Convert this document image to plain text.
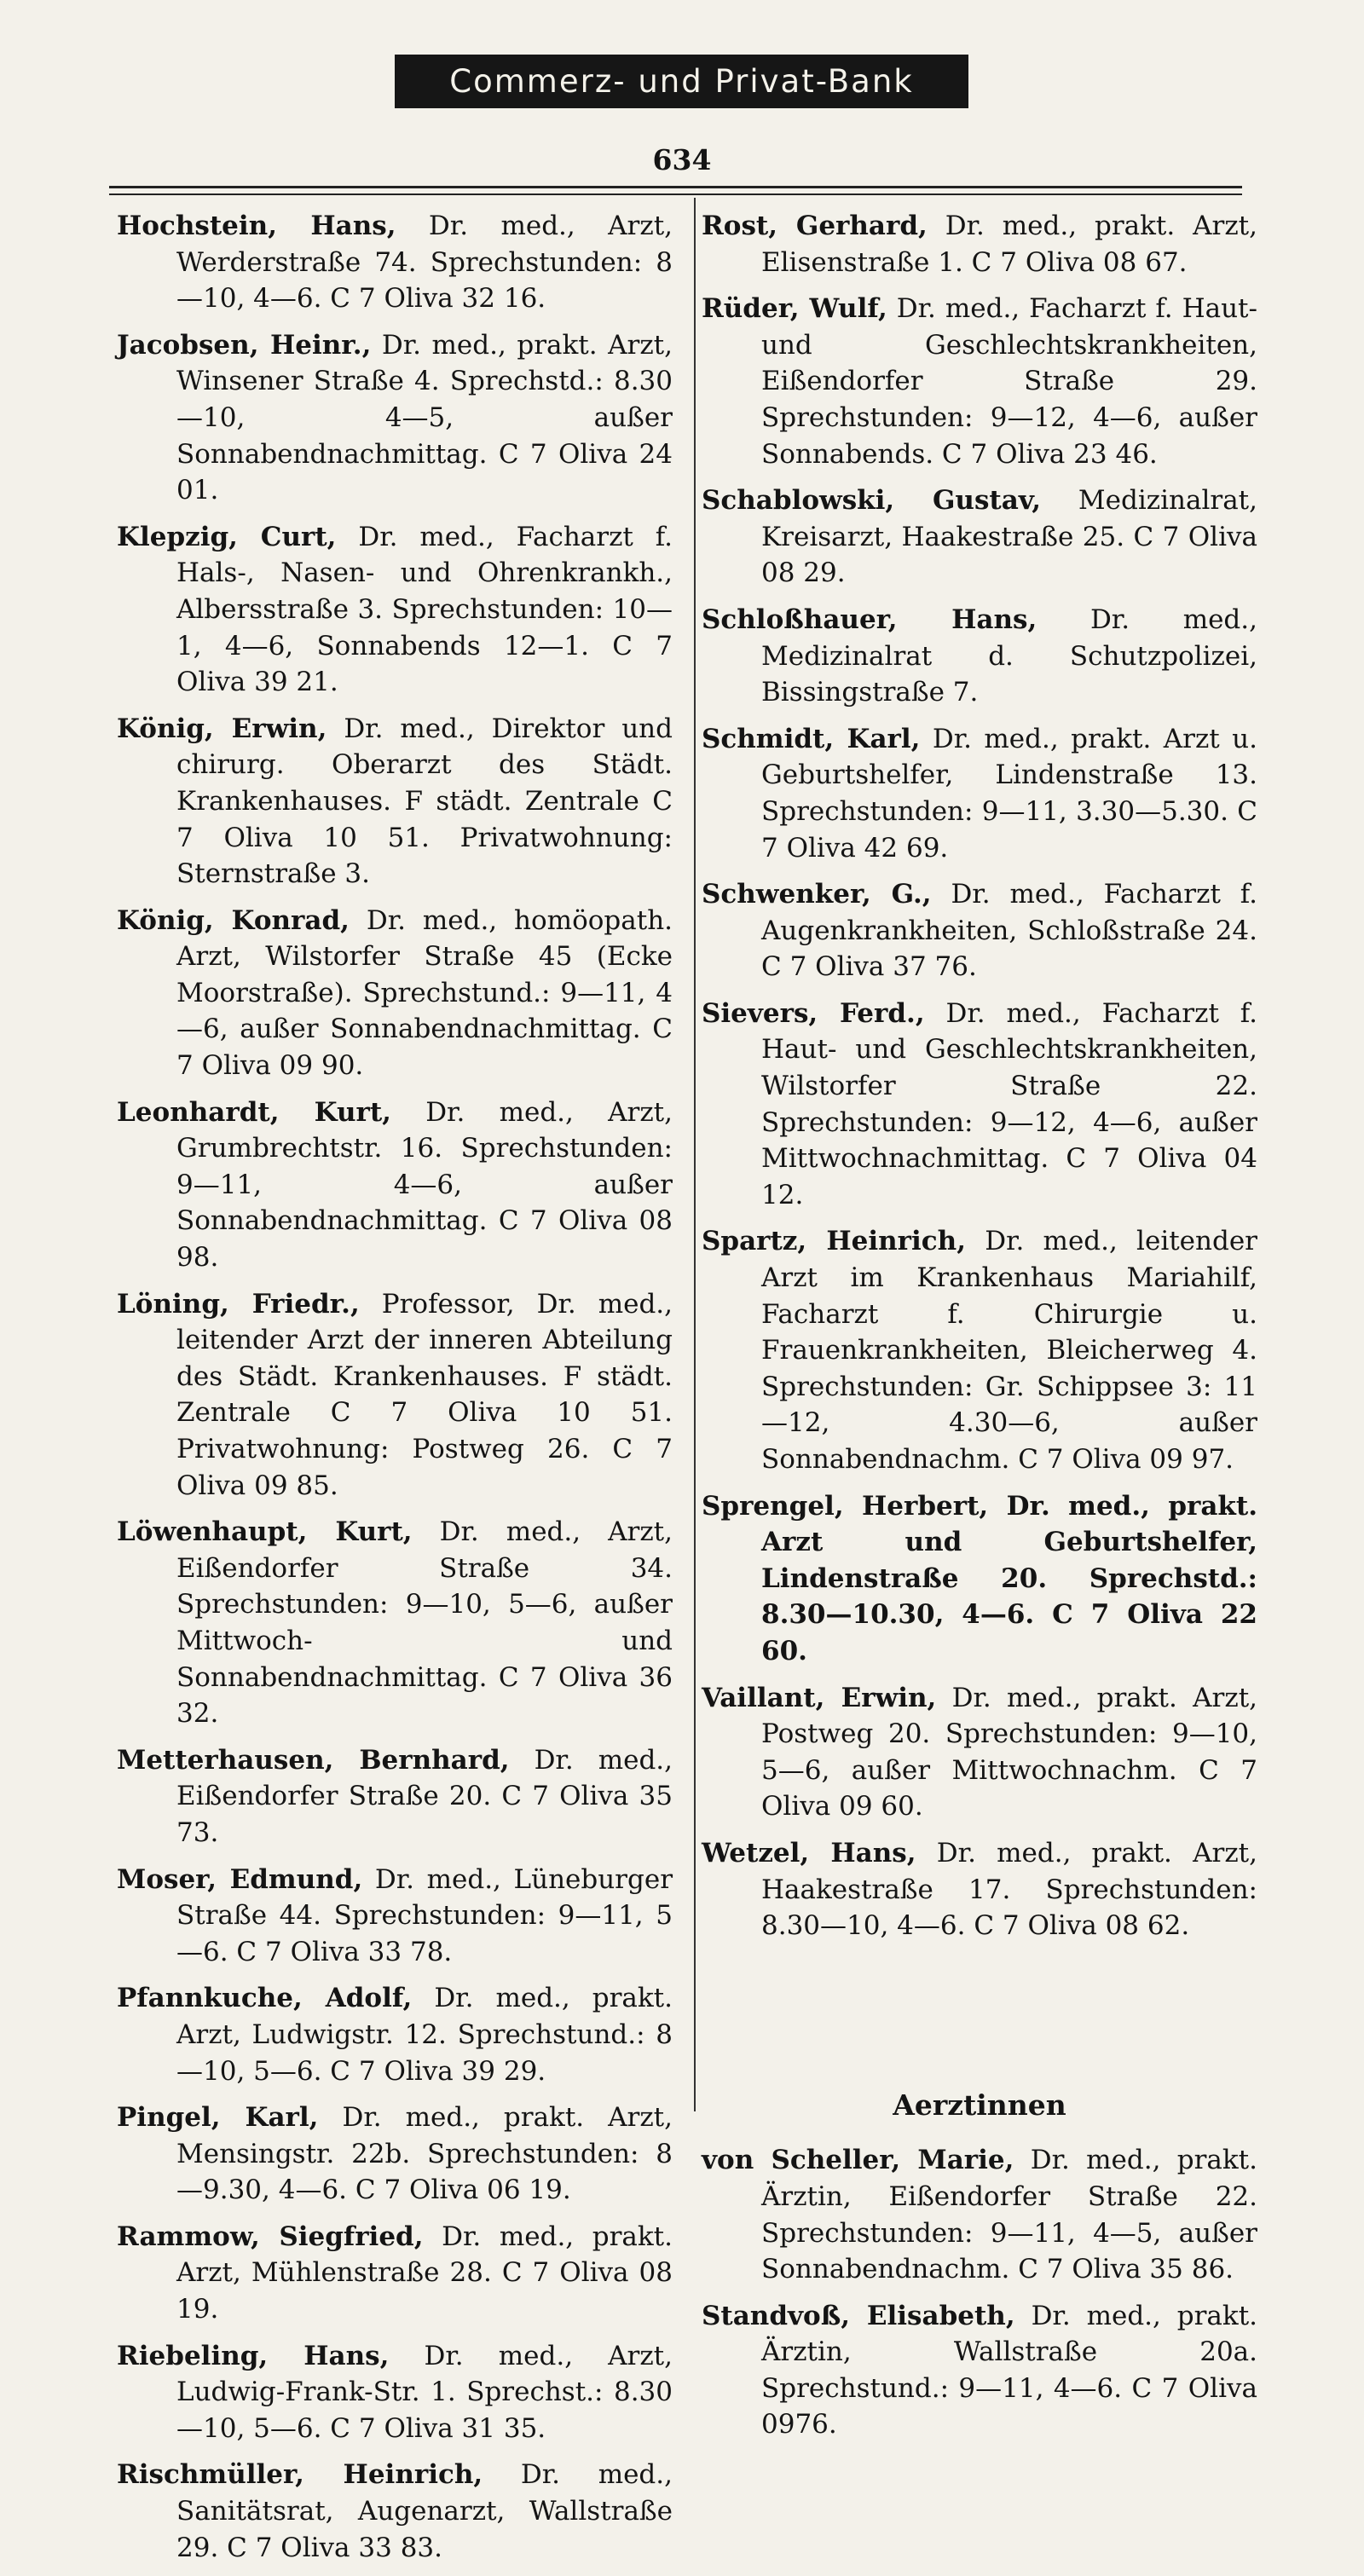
Commerz- und Privat-Bank
634

Hochstein, Hans, Dr. med., Arzt, Werderstraße 74. Sprechstunden: 8—10, 4—6. C 7 Oliva 32 16.

Jacobsen, Heinr., Dr. med., prakt. Arzt, Winsener Straße 4. Sprechstd.: 8.30—10, 4—5, außer Sonnabendnachmittag. C 7 Oliva 24 01.

Klepzig, Curt, Dr. med., Facharzt f. Hals-, Nasen- und Ohrenkrankh., Albersstraße 3. Sprechstunden: 10—1, 4—6, Sonnabends 12—1. C 7 Oliva 39 21.

König, Erwin, Dr. med., Direktor und chirurg. Oberarzt des Städt. Krankenhauses. F städt. Zentrale C 7 Oliva 10 51. Privatwohnung: Sternstraße 3.

König, Konrad, Dr. med., homöopath. Arzt, Wilstorfer Straße 45 (Ecke Moorstraße). Sprechstund.: 9—11, 4—6, außer Sonnabendnachmittag. C 7 Oliva 09 90.

Leonhardt, Kurt, Dr. med., Arzt, Grumbrechtstr. 16. Sprechstunden: 9—11, 4—6, außer Sonnabendnachmittag. C 7 Oliva 08 98.

Löning, Friedr., Professor, Dr. med., leitender Arzt der inneren Abteilung des Städt. Krankenhauses. F städt. Zentrale C 7 Oliva 10 51. Privatwohnung: Postweg 26. C 7 Oliva 09 85.

Löwenhaupt, Kurt, Dr. med., Arzt, Eißendorfer Straße 34. Sprechstunden: 9—10, 5—6, außer Mittwoch- und Sonnabendnachmittag. C 7 Oliva 36 32.

Metterhausen, Bernhard, Dr. med., Eißendorfer Straße 20. C 7 Oliva 35 73.

Moser, Edmund, Dr. med., Lüneburger Straße 44. Sprechstunden: 9—11, 5—6. C 7 Oliva 33 78.

Pfannkuche, Adolf, Dr. med., prakt. Arzt, Ludwigstr. 12. Sprechstund.: 8—10, 5—6. C 7 Oliva 39 29.

Pingel, Karl, Dr. med., prakt. Arzt, Mensingstr. 22b. Sprechstunden: 8—9.30, 4—6. C 7 Oliva 06 19.

Rammow, Siegfried, Dr. med., prakt. Arzt, Mühlenstraße 28. C 7 Oliva 08 19.

Riebeling, Hans, Dr. med., Arzt, Ludwig-Frank-Str. 1. Sprechst.: 8.30—10, 5—6. C 7 Oliva 31 35.

Rischmüller, Heinrich, Dr. med., Sanitätsrat, Augenarzt, Wallstraße 29. C 7 Oliva 33 83.

Rost, Gerhard, Dr. med., prakt. Arzt, Elisenstraße 1. C 7 Oliva 08 67.

Rüder, Wulf, Dr. med., Facharzt f. Haut- und Geschlechtskrankheiten, Eißendorfer Straße 29. Sprechstunden: 9—12, 4—6, außer Sonnabends. C 7 Oliva 23 46.

Schablowski, Gustav, Medizinalrat, Kreisarzt, Haakestraße 25. C 7 Oliva 08 29.

Schloßhauer, Hans, Dr. med., Medizinalrat d. Schutzpolizei, Bissingstraße 7.

Schmidt, Karl, Dr. med., prakt. Arzt u. Geburtshelfer, Lindenstraße 13. Sprechstunden: 9—11, 3.30—5.30. C 7 Oliva 42 69.

Schwenker, G., Dr. med., Facharzt f. Augenkrankheiten, Schloßstraße 24. C 7 Oliva 37 76.

Sievers, Ferd., Dr. med., Facharzt f. Haut- und Geschlechtskrankheiten, Wilstorfer Straße 22. Sprechstunden: 9—12, 4—6, außer Mittwochnachmittag. C 7 Oliva 04 12.

Spartz, Heinrich, Dr. med., leitender Arzt im Krankenhaus Mariahilf, Facharzt f. Chirurgie u. Frauenkrankheiten, Bleicherweg 4. Sprechstunden: Gr. Schippsee 3: 11—12, 4.30—6, außer Sonnabendnachm. C 7 Oliva 09 97.

Sprengel, Herbert, Dr. med., prakt. Arzt und Geburtshelfer, Lindenstraße 20. Sprechstd.: 8.30—10.30, 4—6. C 7 Oliva 22 60.

Vaillant, Erwin, Dr. med., prakt. Arzt, Postweg 20. Sprechstunden: 9—10, 5—6, außer Mittwochnachm. C 7 Oliva 09 60.

Wetzel, Hans, Dr. med., prakt. Arzt, Haakestraße 17. Sprechstunden: 8.30—10, 4—6. C 7 Oliva 08 62.

Aerztinnen

von Scheller, Marie, Dr. med., prakt. Ärztin, Eißendorfer Straße 22. Sprechstunden: 9—11, 4—5, außer Sonnabendnachm. C 7 Oliva 35 86.

Standvoß, Elisabeth, Dr. med., prakt. Ärztin, Wallstraße 20a. Sprechstund.: 9—11, 4—6. C 7 Oliva 0976.
